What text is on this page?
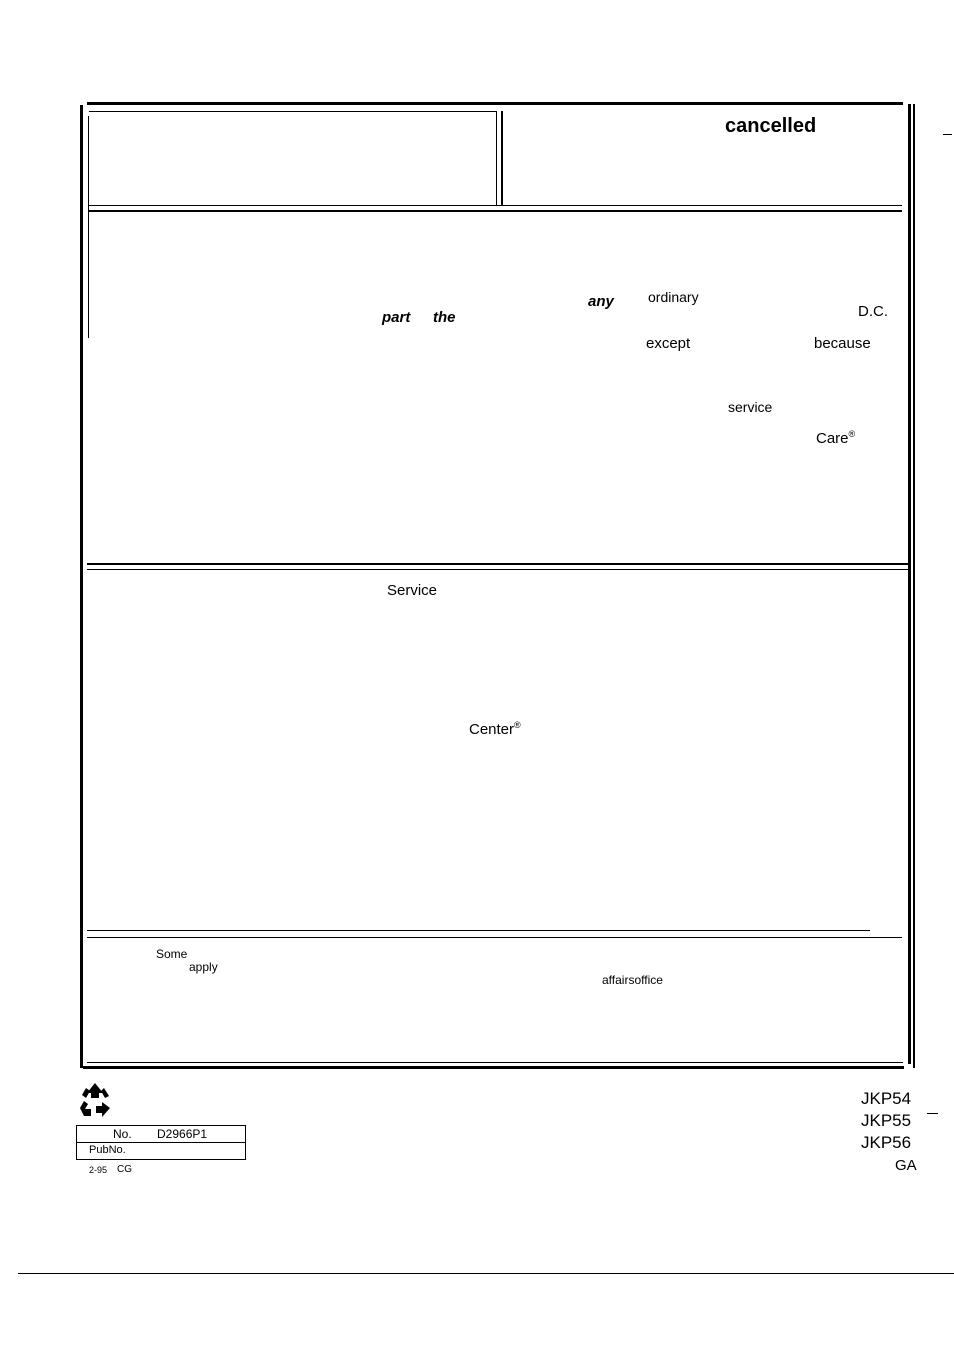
cancelled
any ordinary
part the	D.C.
except	because
service
Care®
Service
Center®
Some
apply
affairsoffice
No. D2966P1
PubNo.
2-95 CG
JKP54
JKP55
JKP56
GA
